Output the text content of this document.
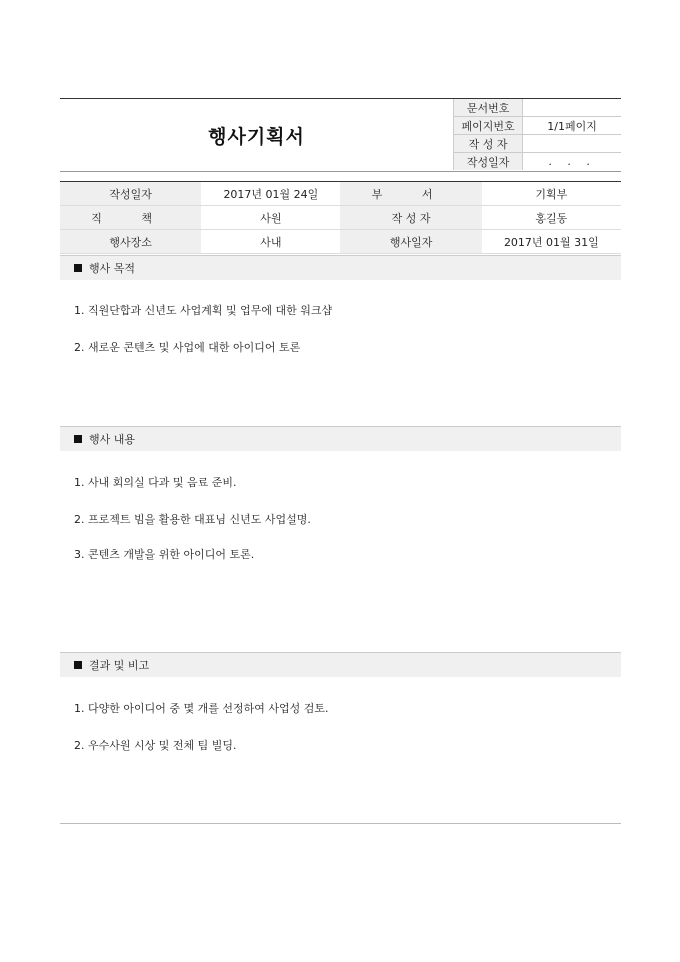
행사기획서
문서번호	
페이지번호	1/1페이지
작 성 자	
작성일자	. . .
작성일자	2017년 01월 24일	부 서	기획부
직 책	사원	작 성 자	홍길동
행사장소	사내	행사일자	2017년 01월 31일
행사 목적
1. 직원단합과 신년도 사업계획 및 업무에 대한 워크샵
2. 새로운 콘텐츠 및 사업에 대한 아이디어 토론
행사 내용
1. 사내 회의실 다과 및 음료 준비.
2. 프로젝트 빔을 활용한 대표님 신년도 사업설명.
3. 콘텐츠 개발을 위한 아이디어 토론.
결과 및 비고
1. 다양한 아이디어 중 몇 개를 선정하여 사업성 검토.
2. 우수사원 시상 및 전체 팀 빌딩.
